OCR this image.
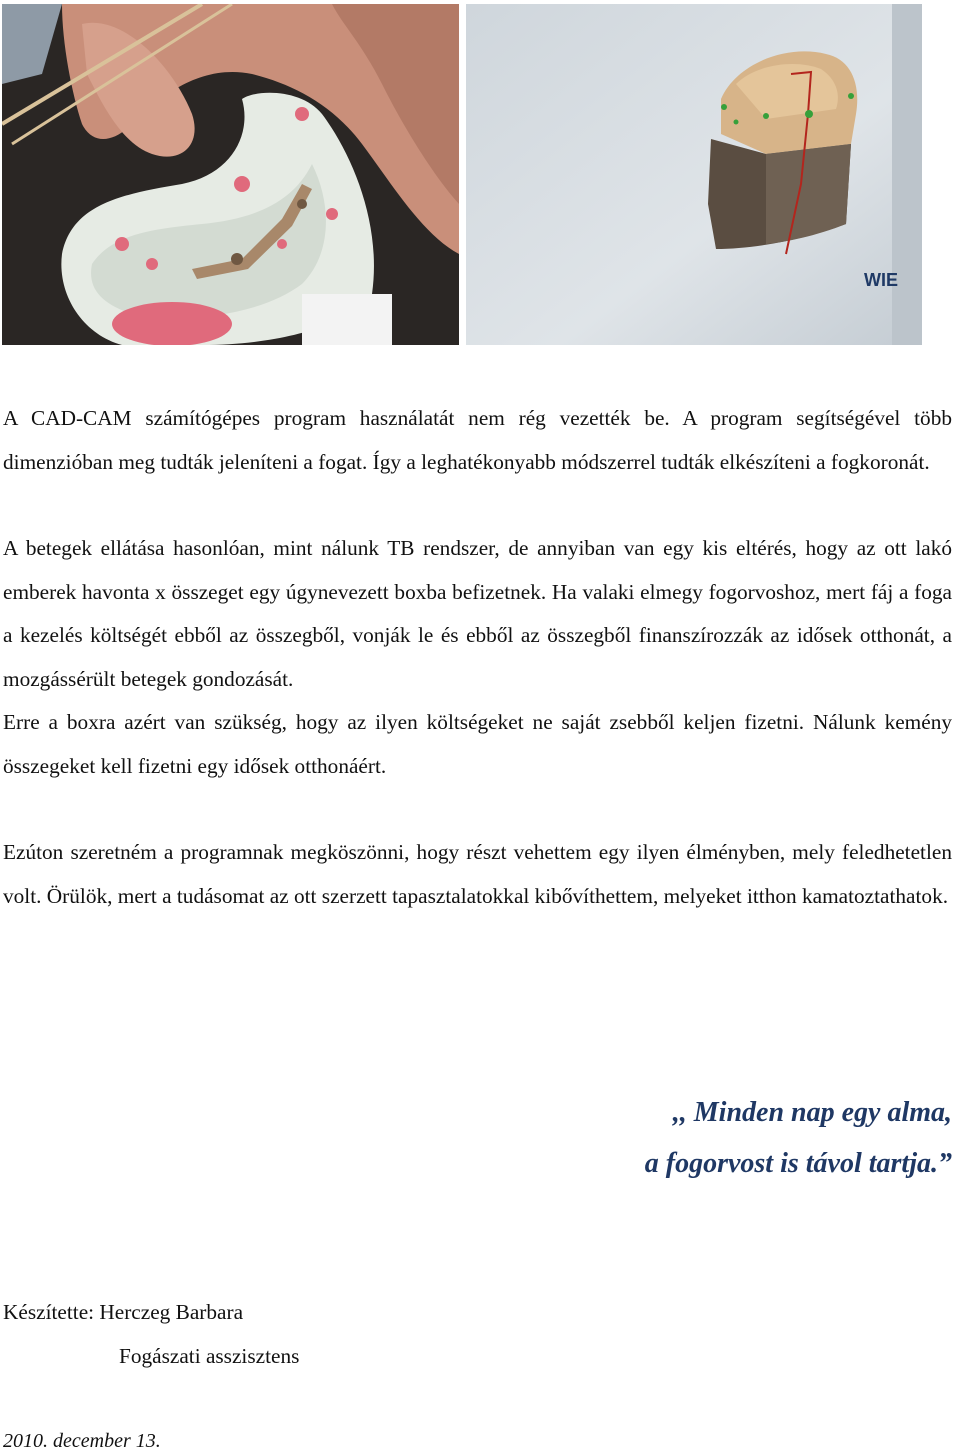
WIE

A CAD-CAM számítógépes program használatát nem rég vezették be. A program segítségével több dimenzióban meg tudták jeleníteni a fogat. Így a leghatékonyabb módszerrel tudták elkészíteni a fogkoronát.

A betegek ellátása hasonlóan, mint nálunk TB rendszer, de annyiban van egy kis eltérés, hogy az ott lakó emberek havonta x összeget egy úgynevezett boxba befizetnek. Ha valaki elmegy fogorvoshoz, mert fáj a foga a kezelés költségét ebből az összegből, vonják le és ebből az összegből finanszírozzák az idősek otthonát, a mozgássérült betegek gondozását.

Erre a boxra azért van szükség, hogy az ilyen költségeket ne saját zsebből keljen fizetni. Nálunk kemény összegeket kell fizetni egy idősek otthonáért.

Ezúton szeretném a programnak megköszönni, hogy részt vehettem egy ilyen élményben, mely feledhetetlen volt. Örülök, mert a tudásomat az ott szerzett tapasztalatokkal kibővíthettem, melyeket itthon kamatoztathatok.

,, Minden nap egy alma,

a fogorvost is távol tartja.”

Készítette: Herczeg Barbara

Fogászati asszisztens

2010. december 13.
